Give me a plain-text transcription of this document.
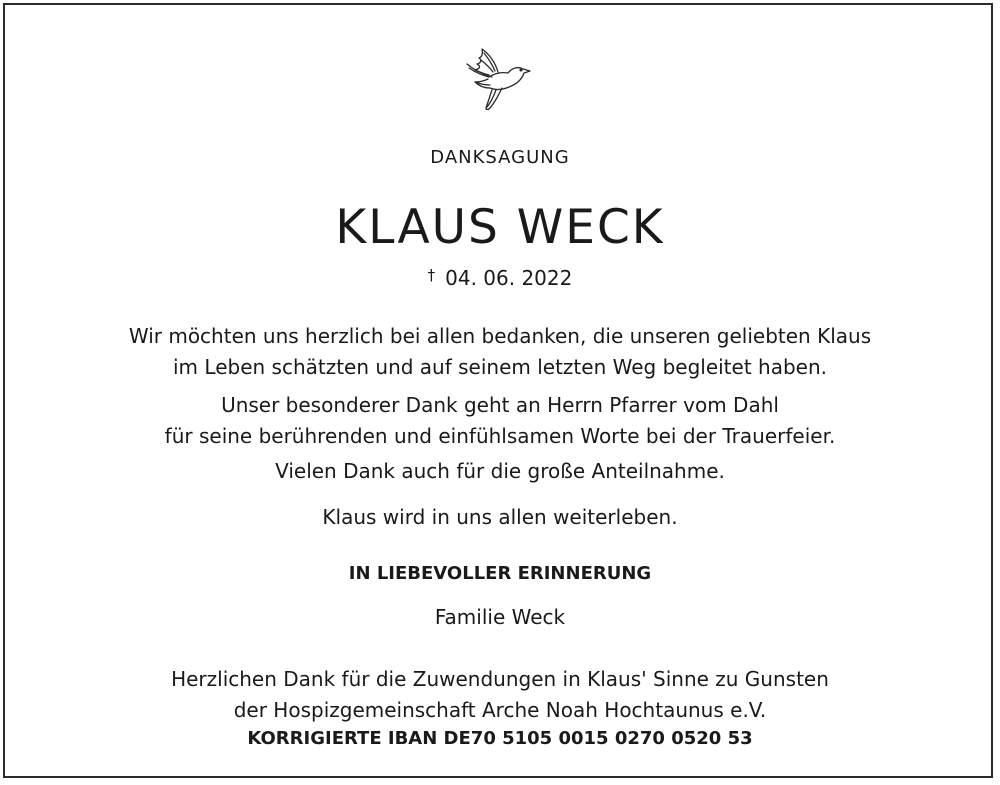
DANKSAGUNG
KLAUS WECK
† 04. 06. 2022
Wir möchten uns herzlich bei allen bedanken, die unseren geliebten Klaus
im Leben schätzten und auf seinem letzten Weg begleitet haben.
Unser besonderer Dank geht an Herrn Pfarrer vom Dahl
für seine berührenden und einfühlsamen Worte bei der Trauerfeier.
Vielen Dank auch für die große Anteilnahme.
Klaus wird in uns allen weiterleben.
IN LIEBEVOLLER ERINNERUNG
Familie Weck
Herzlichen Dank für die Zuwendungen in Klaus' Sinne zu Gunsten
der Hospizgemeinschaft Arche Noah Hochtaunus e.V.
KORRIGIERTE IBAN DE70 5105 0015 0270 0520 53
